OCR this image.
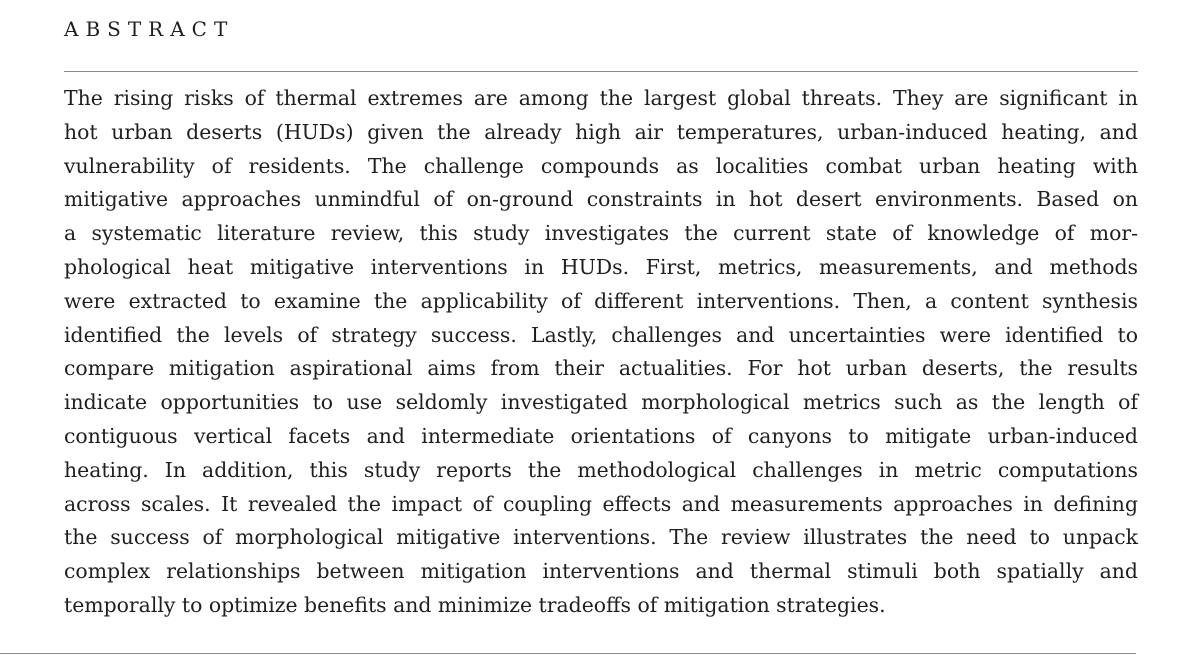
ABSTRACT
The rising risks of thermal extremes are among the largest global threats. They are significant in
hot urban deserts (HUDs) given the already high air temperatures, urban-induced heating, and
vulnerability of residents. The challenge compounds as localities combat urban heating with
mitigative approaches unmindful of on-ground constraints in hot desert environments. Based on
a systematic literature review, this study investigates the current state of knowledge of mor-
phological heat mitigative interventions in HUDs. First, metrics, measurements, and methods
were extracted to examine the applicability of different interventions. Then, a content synthesis
identified the levels of strategy success. Lastly, challenges and uncertainties were identified to
compare mitigation aspirational aims from their actualities. For hot urban deserts, the results
indicate opportunities to use seldomly investigated morphological metrics such as the length of
contiguous vertical facets and intermediate orientations of canyons to mitigate urban-induced
heating. In addition, this study reports the methodological challenges in metric computations
across scales. It revealed the impact of coupling effects and measurements approaches in defining
the success of morphological mitigative interventions. The review illustrates the need to unpack
complex relationships between mitigation interventions and thermal stimuli both spatially and
temporally to optimize benefits and minimize tradeoffs of mitigation strategies.
